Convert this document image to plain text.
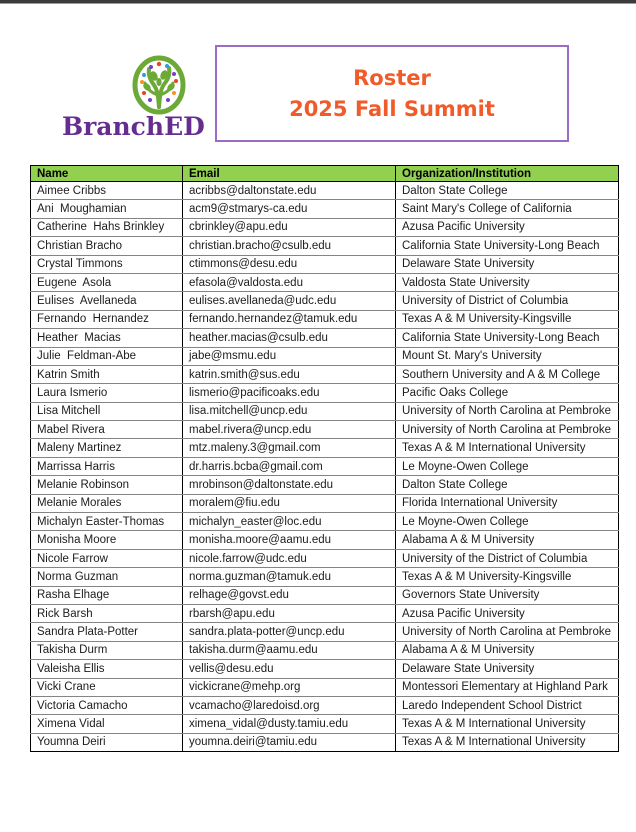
BranchED
Roster
2025 Fall Summit
Name	Email	Organization/Institution
Aimee Cribbs	acribbs@daltonstate.edu	Dalton State College
Ani  Moughamian	acm9@stmarys-ca.edu	Saint Mary's College of California
Catherine  Hahs Brinkley	cbrinkley@apu.edu	Azusa Pacific University
Christian Bracho	christian.bracho@csulb.edu	California State University-Long Beach
Crystal Timmons	ctimmons@desu.edu	Delaware State University
Eugene  Asola	efasola@valdosta.edu	Valdosta State University
Eulises  Avellaneda	eulises.avellaneda@udc.edu	University of District of Columbia
Fernando  Hernandez	fernando.hernandez@tamuk.edu	Texas A & M University-Kingsville
Heather  Macias	heather.macias@csulb.edu	California State University-Long Beach
Julie  Feldman-Abe	jabe@msmu.edu	Mount St. Mary's University
Katrin Smith	katrin.smith@sus.edu	Southern University and A & M College
Laura Ismerio	lismerio@pacificoaks.edu	Pacific Oaks College
Lisa Mitchell	lisa.mitchell@uncp.edu	University of North Carolina at Pembroke
Mabel Rivera	mabel.rivera@uncp.edu	University of North Carolina at Pembroke
Maleny Martinez	mtz.maleny.3@gmail.com	Texas A & M International University
Marrissa Harris	dr.harris.bcba@gmail.com	Le Moyne-Owen College
Melanie Robinson	mrobinson@daltonstate.edu	Dalton State College
Melanie Morales	moralem@fiu.edu	Florida International University
Michalyn Easter-Thomas	michalyn_easter@loc.edu	Le Moyne-Owen College
Monisha Moore	monisha.moore@aamu.edu	Alabama A & M University
Nicole Farrow	nicole.farrow@udc.edu	University of the District of Columbia
Norma Guzman	norma.guzman@tamuk.edu	Texas A & M University-Kingsville
Rasha Elhage	relhage@govst.edu	Governors State University
Rick Barsh	rbarsh@apu.edu	Azusa Pacific University
Sandra Plata-Potter	sandra.plata-potter@uncp.edu	University of North Carolina at Pembroke
Takisha Durm	takisha.durm@aamu.edu	Alabama A & M University
Valeisha Ellis	vellis@desu.edu	Delaware State University
Vicki Crane	vickicrane@mehp.org	Montessori Elementary at Highland Park
Victoria Camacho	vcamacho@laredoisd.org	Laredo Independent School District
Ximena Vidal	ximena_vidal@dusty.tamiu.edu	Texas A & M International University
Youmna Deiri	youmna.deiri@tamiu.edu	Texas A & M International University
